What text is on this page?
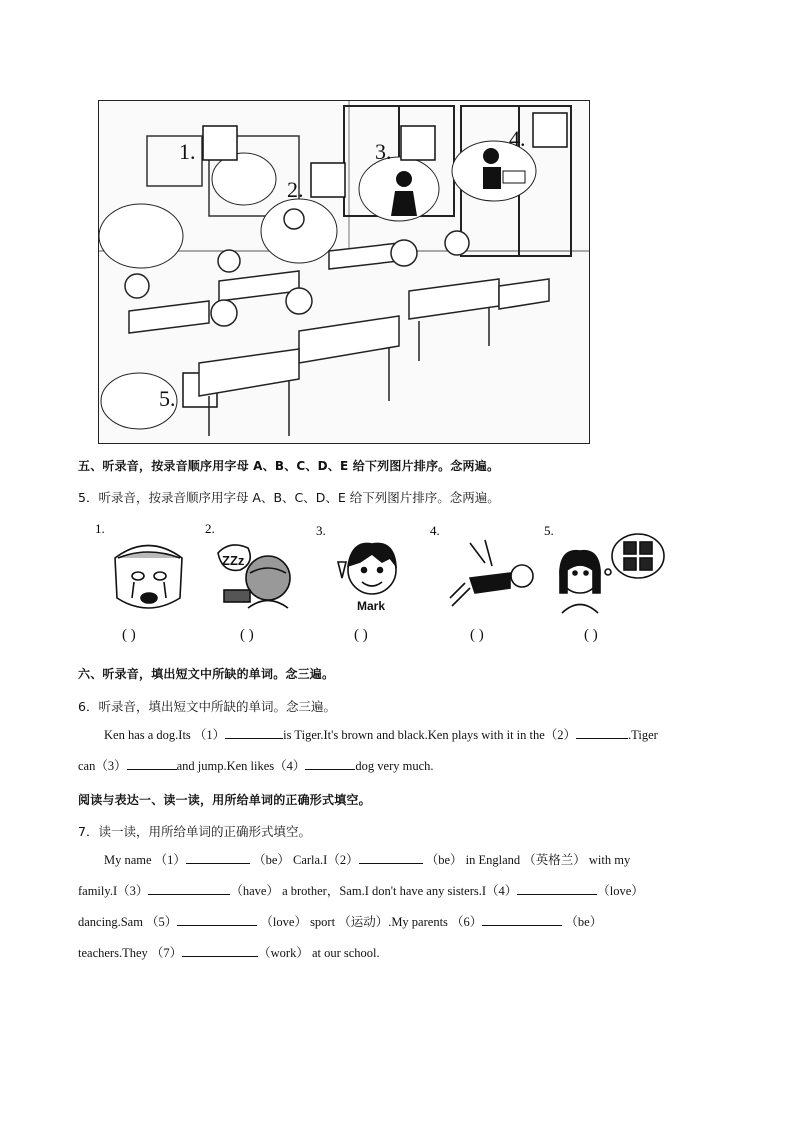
1.
2.
3.
4.
5.
五、听录音，按录音顺序用字母 A、B、C、D、E 给下列图片排序。念两遍。
5．听录音，按录音顺序用字母 A、B、C、D、E 给下列图片排序。念两遍。
1.	2.	3.	4.	5.
ZZz
Mark
( )	( )	( )	( )	( )
六、听录音，填出短文中所缺的单词。念三遍。
6．听录音，填出短文中所缺的单词。念三遍。
Ken has a dog.Its （1）	is Tiger.It's brown and black.Ken plays with it in the（2）	.Tiger
can（3）	and jump.Ken likes（4）	dog very much.
阅读与表达一、读一读，用所给单词的正确形式填空。
7．读一读，用所给单词的正确形式填空。
My name （1）	（be） Carla.I（2）	（be） in England （英格兰） with my
family.I（3）	（have） a brother，Sam.I don't have any sisters.I（4）	（love）
dancing.Sam （5）	（love） sport （运动）.My parents （6）	（be）
teachers.They （7）	（work） at our school.
